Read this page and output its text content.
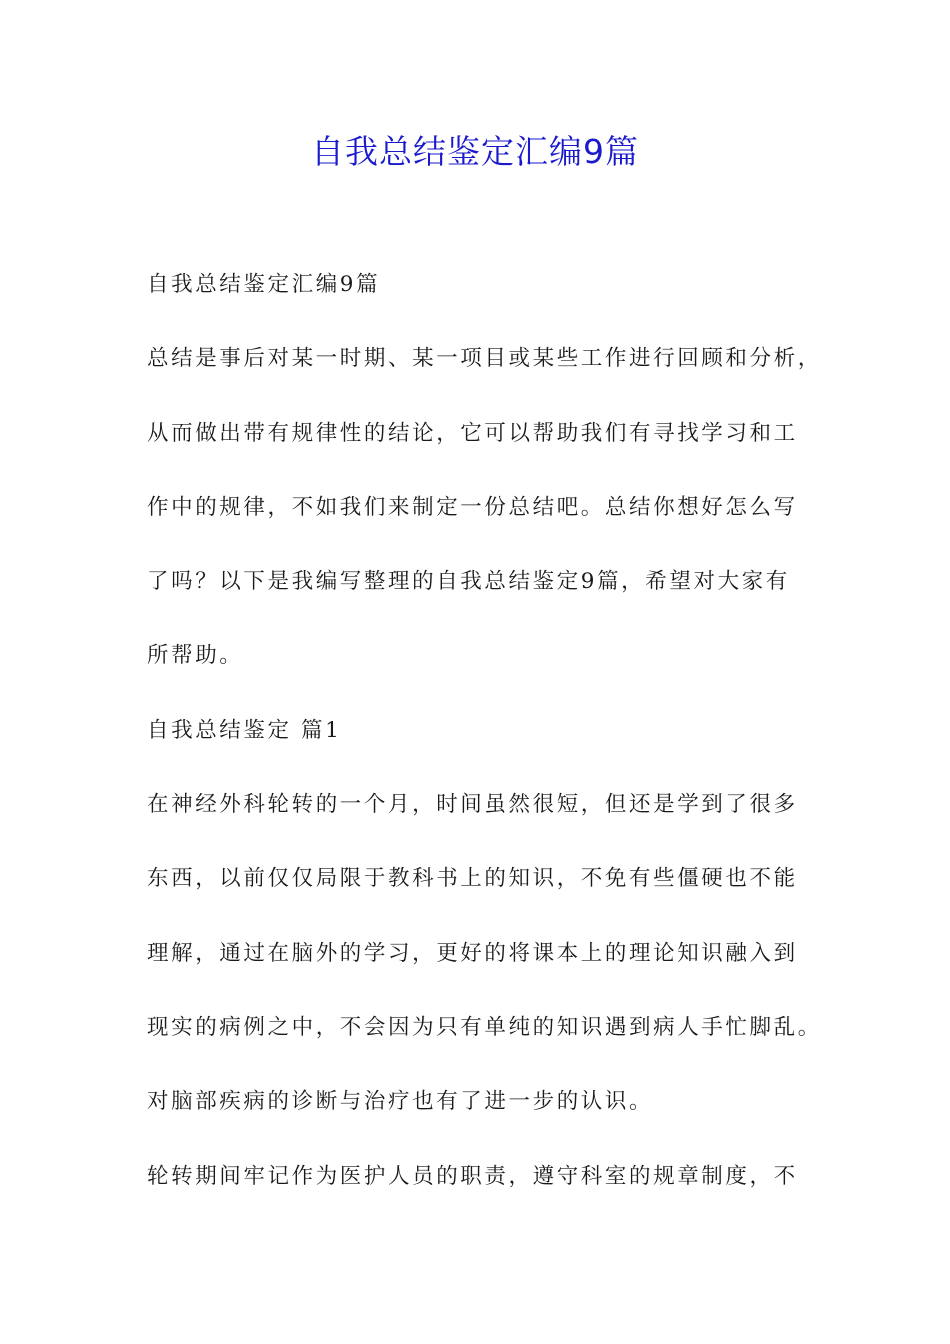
自我总结鉴定汇编9篇
自我总结鉴定汇编9篇
总结是事后对某一时期、某一项目或某些工作进行回顾和分析，
从而做出带有规律性的结论，它可以帮助我们有寻找学习和工
作中的规律，不如我们来制定一份总结吧。总结你想好怎么写
了吗？以下是我编写整理的自我总结鉴定9篇，希望对大家有
所帮助。
自我总结鉴定 篇1
在神经外科轮转的一个月，时间虽然很短，但还是学到了很多
东西，以前仅仅局限于教科书上的知识，不免有些僵硬也不能
理解，通过在脑外的学习，更好的将课本上的理论知识融入到
现实的病例之中，不会因为只有单纯的知识遇到病人手忙脚乱。
对脑部疾病的诊断与治疗也有了进一步的认识。
轮转期间牢记作为医护人员的职责，遵守科室的规章制度，不
